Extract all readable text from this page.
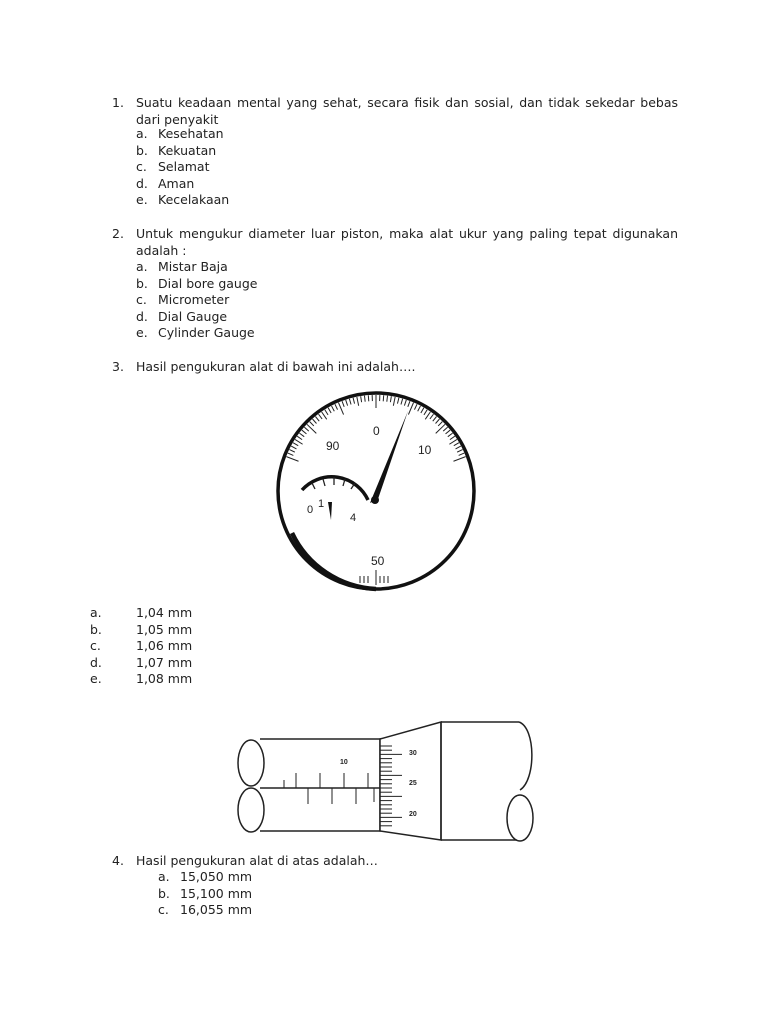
1. Suatu keadaan mental yang sehat, secara fisik dan sosial, dan tidak sekedar bebas dari penyakit
a. Kesehatan
b. Kekuatan
c. Selamat
d. Aman
e. Kecelakaan
2. Untuk mengukur diameter luar piston, maka alat ukur yang paling tepat digunakan adalah :
a. Mistar Baja
b. Dial bore gauge
c. Micrometer
d. Dial Gauge
e. Cylinder Gauge
3. Hasil pengukuran alat di bawah ini adalah….
0
90	10
50
0 1
4
a.	1,04 mm
b.	1,05 mm
c.	1,06 mm
d.	1,07 mm
e.	1,08 mm
10
30
25
20
4. Hasil pengukuran alat di atas adalah…
a. 15,050 mm
b. 15,100 mm
c. 16,055 mm
